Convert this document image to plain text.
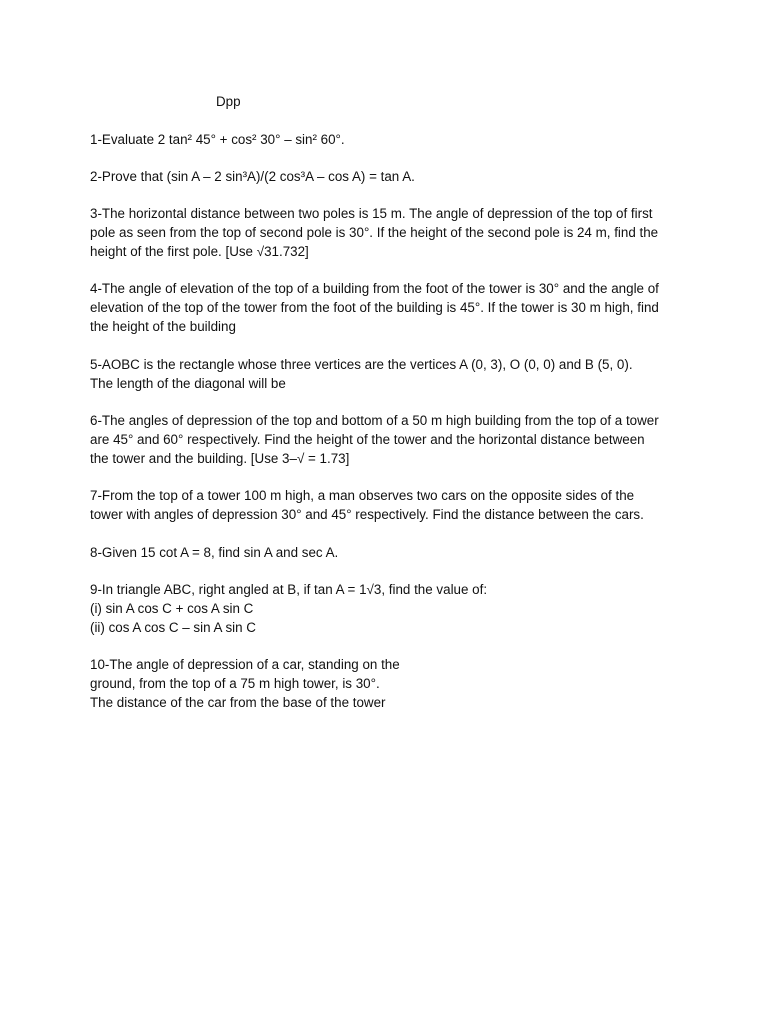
Dpp

1-Evaluate 2 tan² 45° + cos² 30° – sin² 60°.

2-Prove that (sin A – 2 sin³A)/(2 cos³A – cos A) = tan A.

3-The horizontal distance between two poles is 15 m. The angle of depression of the top of first
pole as seen from the top of second pole is 30°. If the height of the second pole is 24 m, find the
height of the first pole. [Use √31.732]

4-The angle of elevation of the top of a building from the foot of the tower is 30° and the angle of
elevation of the top of the tower from the foot of the building is 45°. If the tower is 30 m high, find
the height of the building

5-AOBC is the rectangle whose three vertices are the vertices A (0, 3), O (0, 0) and B (5, 0).
The length of the diagonal will be

6-The angles of depression of the top and bottom of a 50 m high building from the top of a tower
are 45° and 60° respectively. Find the height of the tower and the horizontal distance between
the tower and the building. [Use 3–√ = 1.73]

7-From the top of a tower 100 m high, a man observes two cars on the opposite sides of the
tower with angles of depression 30° and 45° respectively. Find the distance between the cars.

8-Given 15 cot A = 8, find sin A and sec A.

9-In triangle ABC, right angled at B, if tan A = 1√3, find the value of:
(i) sin A cos C + cos A sin C
(ii) cos A cos C – sin A sin C

10-The angle of depression of a car, standing on the
ground, from the top of a 75 m high tower, is 30°.
The distance of the car from the base of the tower
